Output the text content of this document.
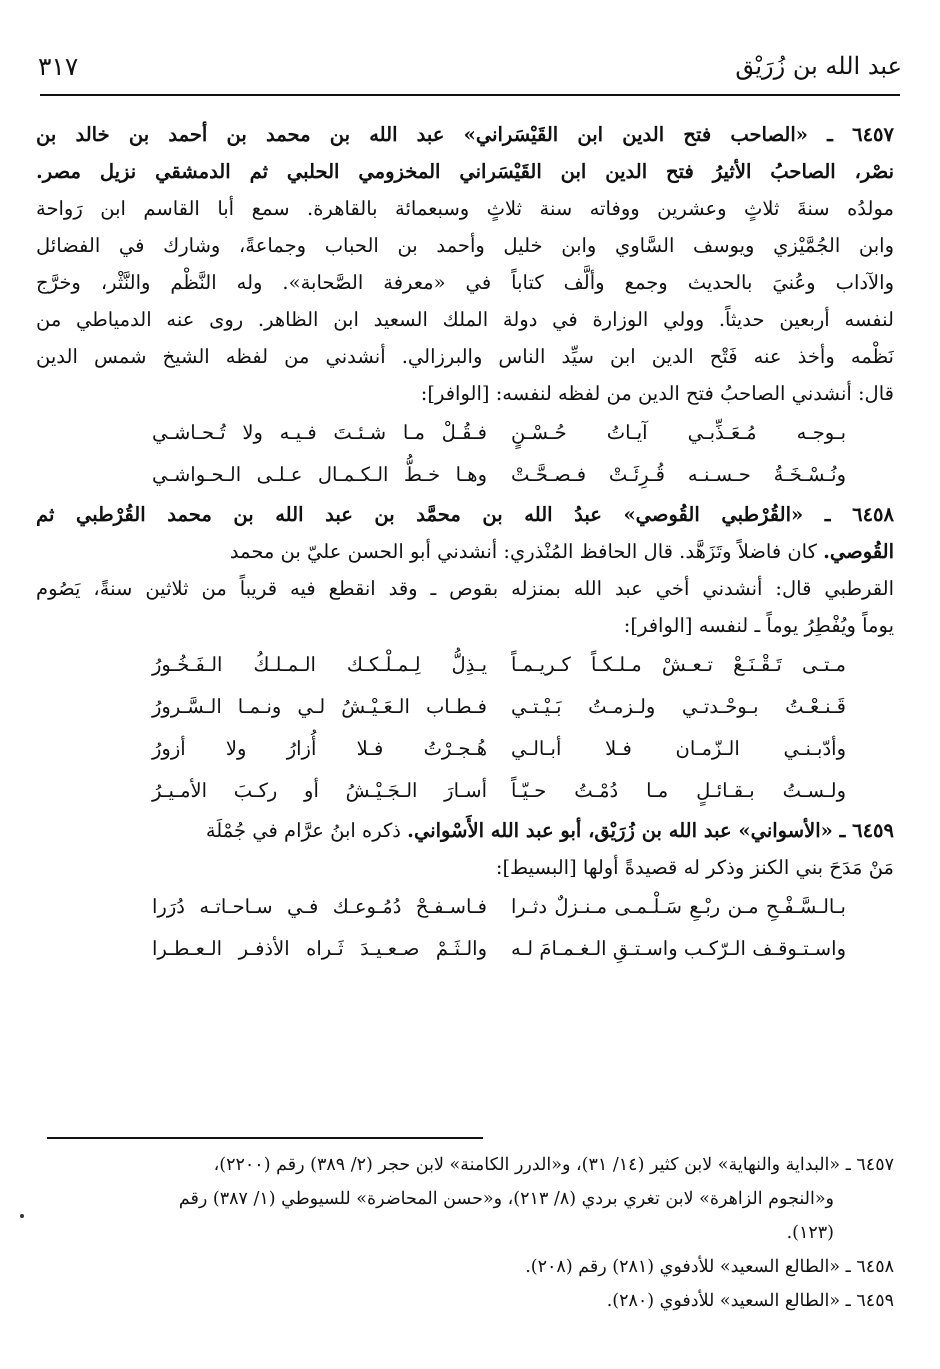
عبد الله بن زُرَيْق
٣١٧
٦٤٥٧ ـ «الصاحب فتح الدين ابن القَيْسَراني» عبد الله بن محمد بن أحمد بن خالد بن
نصْر، الصاحبُ الأثيرُ فتح الدين ابن القَيْسَراني المخزومي الحلبي ثم الدمشقي نزيل مصر.
مولدُه سنةَ ثلاثٍ وعشرين ووفاته سنة ثلاثٍ وسبعمائة بالقاهرة. سمع أبا القاسم ابن رَواحة
وابن الجُمَّيْزي ويوسف السَّاوي وابن خليل وأحمد بن الحباب وجماعةً، وشارك في الفضائل
والآداب وعُنيَ بالحديث وجمع وألَّف كتاباً في «معرفة الصَّحابة». وله النَّظْم والنَّثْر، وخرَّج
لنفسه أربعين حديثاً. وولي الوزارة في دولة الملك السعيد ابن الظاهر. روى عنه الدمياطي من
نَظْمه وأخذ عنه فَتْح الدين ابن سيِّد الناس والبرزالي. أنشدني من لفظه الشيخ شمس الدين
قال: أنشدني الصاحبُ فتح الدين من لفظه لنفسه: [الوافر]:
بـوجـه مُـعَـذِّبـي آيـاتُ حُـسْـنٍ
فـقُـلْ مـا شـئـتَ فـيـه ولا تُـحـاشـي
ونُـسْـخَـةُ حـسـنـه قُـرِئَـتْ فـصـحَّـتْ
وهـا خـطُّ الـكـمـال عـلـى الـحـواشـي
٦٤٥٨ ـ «القُرْطبي القُوصي» عبدُ الله بن محمَّد بن عبد الله بن محمد القُرْطبي ثم
القُوصي. كان فاضلاً وتَزَهَّد. قال الحافظ المُنْذري: أنشدني أبو الحسن عليّ بن محمد
القرطبي قال: أنشدني أخي عبد الله بمنزله بقوص ـ وقد انقطع فيه قريباً من ثلاثين سنةً، يَصُوم
يوماً ويُفْطِرُ يوماً ـ لنفسه [الوافر]:
مـتـى تَـقْـنَـعْ تـعـشْ مـلـكـاً كـريـمـاً
يـذِلُّ لِـمـلْـكـك الـمـلـكُ الـفَـخُـورُ
قَـنـعْـتُ بـوحْـدتـي ولـزمـتُ بَـيْـتـي
فـطـاب الـعَـيْـشُ لـي ونـمـا الـسَّـرورُ
وأدّبـنـي الـزّمـان فـلا أبـالـي
هُـجـرْتُ فـلا أُزارُ ولا أزورُ
ولـسـتُ بـقـائـلٍ مـا دُمْـتُ حـيّـاً
أسـارَ الـجَـيْـشُ أو ركـبَ الأمـيـرُ
٦٤٥٩ ـ «الأسواني» عبد الله بن زُرَيْق، أبو عبد الله الأَسْواني. ذكره ابنُ عرَّام في جُمْلَة
مَنْ مَدَحَ بني الكنز وذكر له قصيدةً أولها [البسيط]:
بـالـسَّـفْـحِ مـن ربْـعِ سَـلْـمـى مـنـزلٌ دثـرا
فـاسـفـحْ دُمُـوعـك فـي سـاحـاتـه دُرَرا
واسـتـوقـف الـرّكـب واسـتـقِ الـغـمـامَ لـه
والـثَـمْ صـعـيـدَ ثَـراه الأذفـر الـعـطـرا
٦٤٥٧ ـ «البداية والنهاية» لابن كثير (١٤/ ٣١)، و«الدرر الكامنة» لابن حجر (٢/ ٣٨٩) رقم (٢٢٠٠)،
و«النجوم الزاهرة» لابن تغري بردي (٨/ ٢١٣)، و«حسن المحاضرة» للسيوطي (١/ ٣٨٧) رقم
(١٢٣).
٦٤٥٨ ـ «الطالع السعيد» للأدفوي (٢٨١) رقم (٢٠٨).
٦٤٥٩ ـ «الطالع السعيد» للأدفوي (٢٨٠).
